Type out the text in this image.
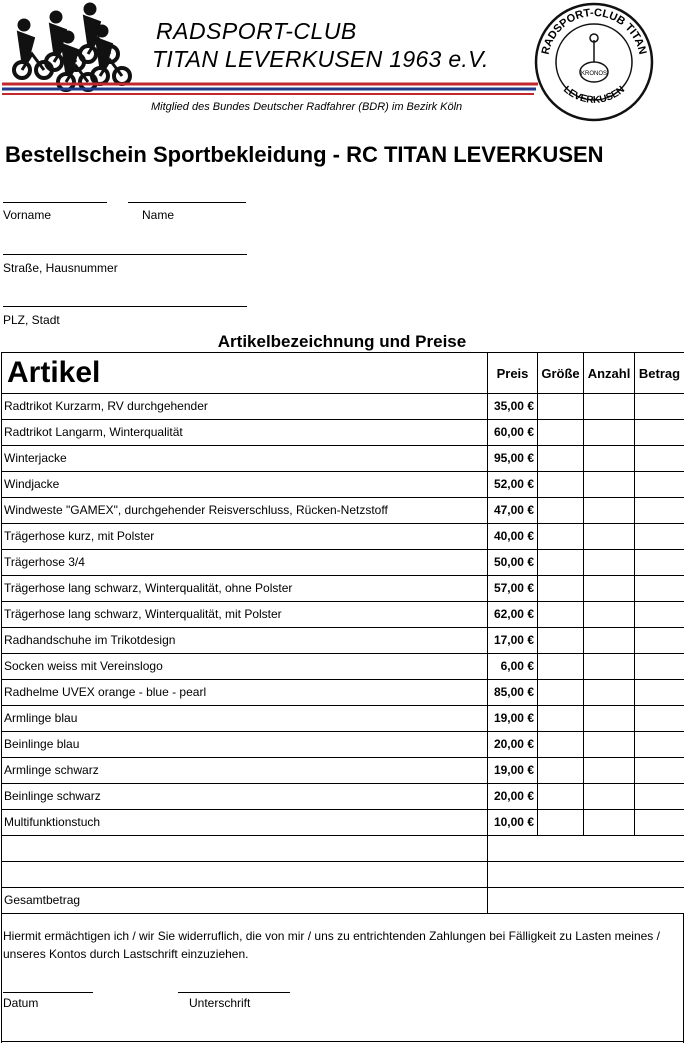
RADSPORT-CLUB TITAN
LEVERKUSEN
KRONOS
RADSPORT-CLUB
TITAN LEVERKUSEN 1963 e.V.
Mitglied des Bundes Deutscher Radfahrer (BDR) im Bezirk Köln
Bestellschein Sportbekleidung - RC TITAN LEVERKUSEN
Vorname	Name
Straße, Hausnummer
PLZ, Stadt
Artikelbezeichnung und Preise
Artikel	Preis	Größe	Anzahl	Betrag
Radtrikot Kurzarm, RV durchgehender	35,00 €			
Radtrikot Langarm, Winterqualität	60,00 €			
Winterjacke	95,00 €			
Windjacke	52,00 €			
Windweste "GAMEX", durchgehender Reisverschluss, Rücken-Netzstoff	47,00 €			
Trägerhose kurz, mit Polster	40,00 €			
Trägerhose 3/4	50,00 €			
Trägerhose lang schwarz, Winterqualität, ohne Polster	57,00 €			
Trägerhose lang schwarz, Winterqualität, mit Polster	62,00 €			
Radhandschuhe im Trikotdesign	17,00 €			
Socken weiss mit Vereinslogo	6,00 €			
Radhelme UVEX orange - blue - pearl	85,00 €			
Armlinge blau	19,00 €			
Beinlinge blau	20,00 €			
Armlinge schwarz	19,00 €			
Beinlinge schwarz	20,00 €			
Multifunktionstuch	10,00 €			

Gesamtbetrag				
Hiermit ermächtigen ich / wir Sie widerruflich, die von mir / uns zu entrichtenden Zahlungen bei Fälligkeit zu Lasten meines / unseres Kontos durch Lastschrift einzuziehen.
Datum	Unterschrift
